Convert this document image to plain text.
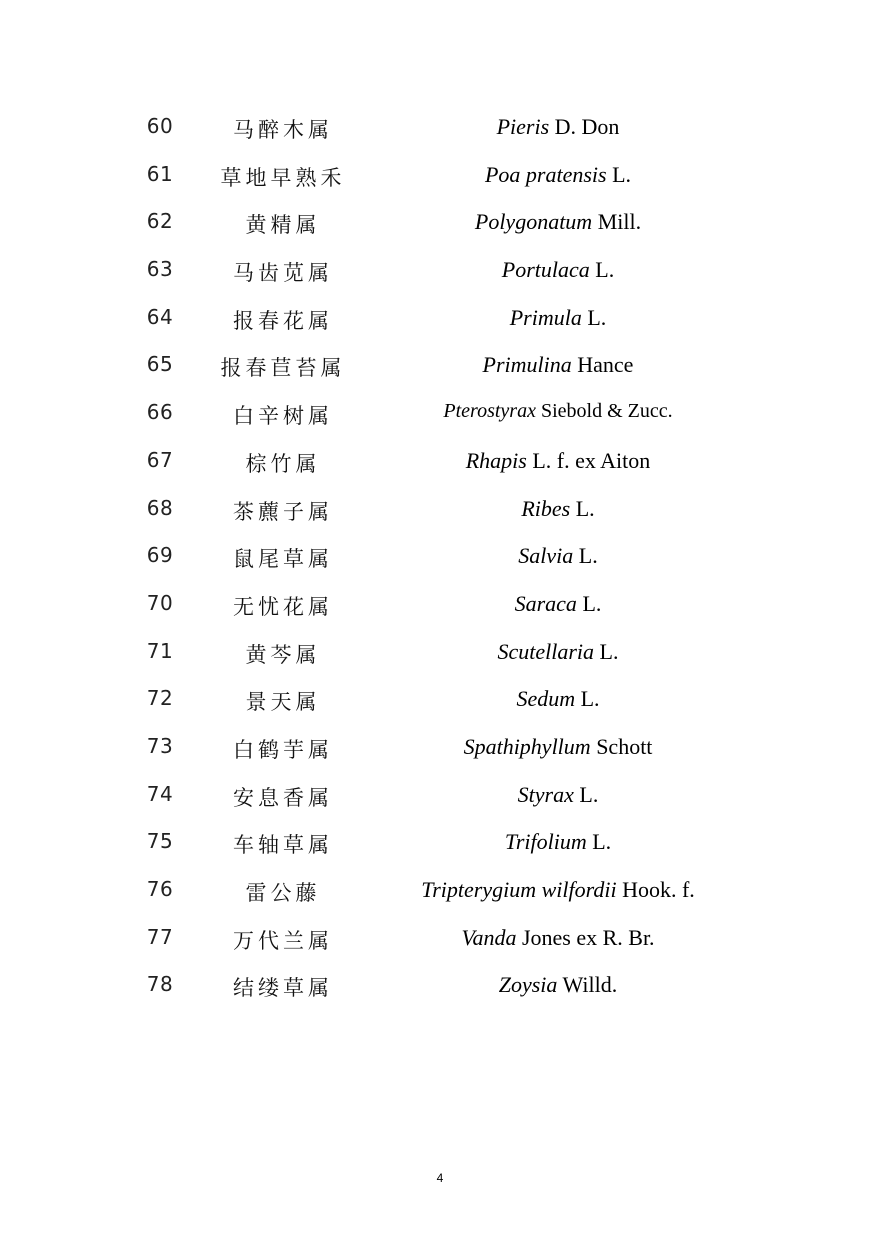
60	马醉木属	Pieris D. Don
61	草地早熟禾	Poa pratensis L.
62	黄精属	Polygonatum Mill.
63	马齿苋属	Portulaca L.
64	报春花属	Primula L.
65	报春苣苔属	Primulina Hance
66	白辛树属	Pterostyrax Siebold & Zucc.
67	棕竹属	Rhapis L. f. ex Aiton
68	茶藨子属	Ribes L.
69	鼠尾草属	Salvia L.
70	无忧花属	Saraca L.
71	黄芩属	Scutellaria L.
72	景天属	Sedum L.
73	白鹤芋属	Spathiphyllum Schott
74	安息香属	Styrax L.
75	车轴草属	Trifolium L.
76	雷公藤	Tripterygium wilfordii Hook. f.
77	万代兰属	Vanda Jones ex R. Br.
78	结缕草属	Zoysia Willd.
4
